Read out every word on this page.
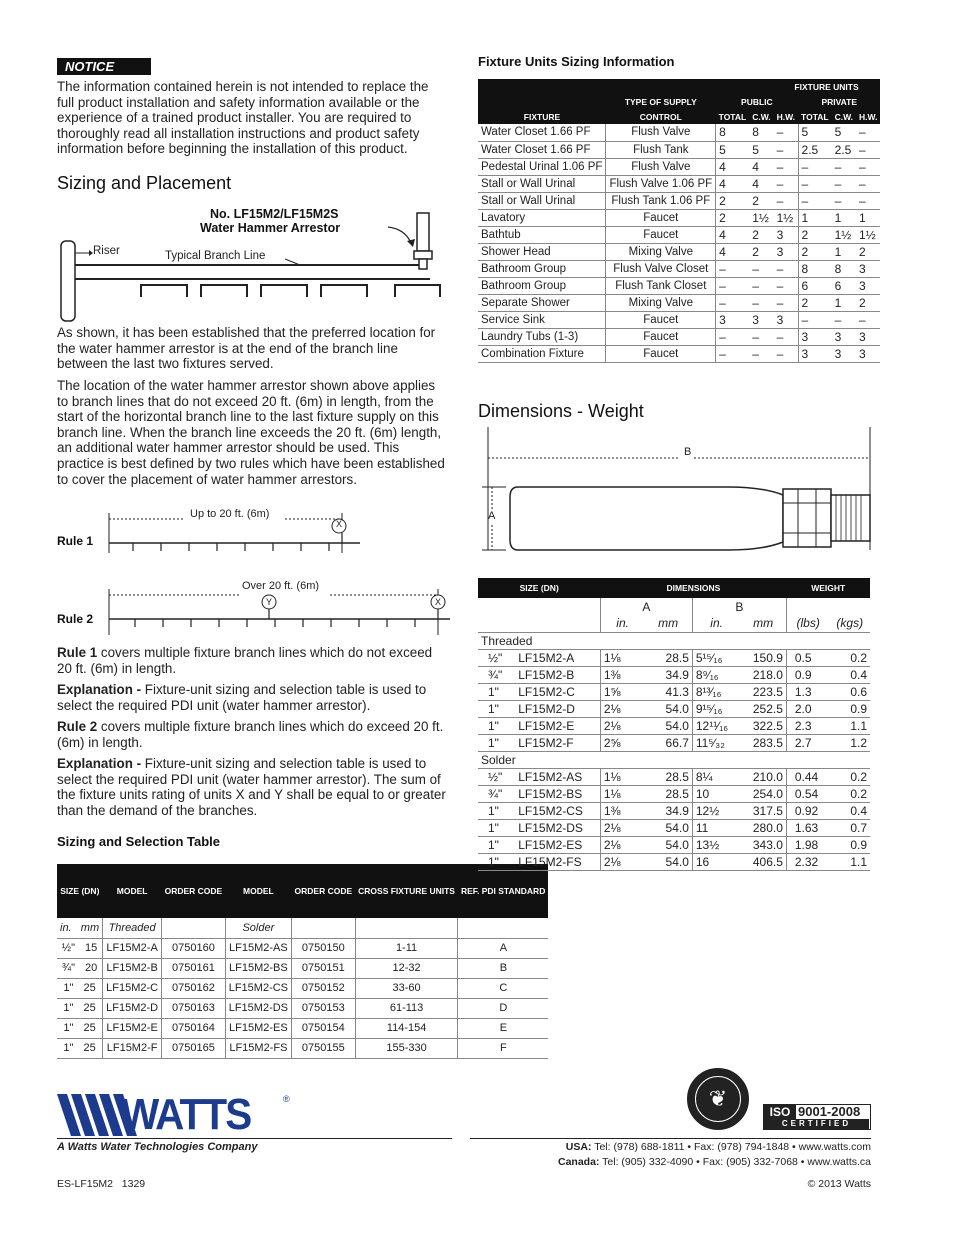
NOTICE
The information contained herein is not intended to replace the full product installation and safety information available or the experience of a trained product installer. You are required to thoroughly read all installation instructions and product safety information before beginning the installation of this product.
Sizing and Placement
No. LF15M2/LF15M2S
Water Hammer Arrestor
Riser	Typical Branch Line
As shown, it has been established that the preferred location for the water hammer arrestor is at the end of the branch line between the last two fixtures served.
The location of the water hammer arrestor shown above applies to branch lines that do not exceed 20 ft. (6m) in length, from the start of the horizontal branch line to the last fixture supply on this branch line. When the branch line exceeds the 20 ft. (6m) length, an additional water hammer arrestor should be used. This practice is best defined by two rules which have been established to cover the placement of water hammer arrestors.
Rule 1
Up to 20 ft. (6m)
X
Rule 2
Over 20 ft. (6m)
Y	X
Rule 1 covers multiple fixture branch lines which do not exceed 20 ft. (6m) in length.
Explanation - Fixture-unit sizing and selection table is used to select the required PDI unit (water hammer arrestor).
Rule 2 covers multiple fixture branch lines which do exceed 20 ft. (6m) in length.
Explanation - Fixture-unit sizing and selection table is used to select the required PDI unit (water hammer arrestor). The sum of the fixture units rating of units X and Y shall be equal to or greater than the demand of the branches.
Sizing and Selection Table
SIZE (DN)	MODEL	ORDER CODE	MODEL	ORDER CODE	CROSS FIXTURE UNITS	REF. PDI STANDARD
in. mm	Threaded		Solder			
½" 15	LF15M2-A	0750160	LF15M2-AS	0750150	1-11	A
¾" 20	LF15M2-B	0750161	LF15M2-BS	0750151	12-32	B
1" 25	LF15M2-C	0750162	LF15M2-CS	0750152	33-60	C
1" 25	LF15M2-D	0750163	LF15M2-DS	0750153	61-113	D
1" 25	LF15M2-E	0750164	LF15M2-ES	0750154	114-154	E
1" 25	LF15M2-F	0750165	LF15M2-FS	0750155	155-330	F
Fixture Units Sizing Information
		FIXTURE UNITS					
	TYPE OF SUPPLY	PUBLIC			PRIVATE		
FIXTURE	CONTROL	TOTAL	C.W.	H.W.	TOTAL	C.W.	H.W.
Water Closet 1.66 PF	Flush Valve	8	8	–	5	5	–
Water Closet 1.66 PF	Flush Tank	5	5	–	2.5	2.5	–
Pedestal Urinal 1.06 PF	Flush Valve	4	4	–	–	–	–
Stall or Wall Urinal	Flush Valve 1.06 PF	4	4	–	–	–	–
Stall or Wall Urinal	Flush Tank 1.06 PF	2	2	–	–	–	–
Lavatory	Faucet	2	1½	1½	1	1	1
Bathtub	Faucet	4	2	3	2	1½	1½
Shower Head	Mixing Valve	4	2	3	2	1	2
Bathroom Group	Flush Valve Closet	–	–	–	8	8	3
Bathroom Group	Flush Tank Closet	–	–	–	6	6	3
Separate Shower	Mixing Valve	–	–	–	2	1	2
Service Sink	Faucet	3	3	3	–	–	–
Laundry Tubs (1-3)	Faucet	–	–	–	3	3	3
Combination Fixture	Faucet	–	–	–	3	3	3
Dimensions - Weight
B
A
SIZE (DN)		DIMENSIONS				WEIGHT	
		A		B			
		in.	mm	in.	mm	(lbs)	(kgs)
Threaded							
½"	LF15M2-A	1⅛	28.5	5¹⁵⁄₁₆	150.9	0.5	0.2
¾"	LF15M2-B	1⅜	34.9	8⁹⁄₁₆	218.0	0.9	0.4
1"	LF15M2-C	1⅝	41.3	8¹³⁄₁₆	223.5	1.3	0.6
1"	LF15M2-D	2⅛	54.0	9¹⁵⁄₁₆	252.5	2.0	0.9
1"	LF15M2-E	2⅛	54.0	12¹¹⁄₁₆	322.5	2.3	1.1
1"	LF15M2-F	2⅝	66.7	11⁵⁄₃₂	283.5	2.7	1.2
Solder							
½"	LF15M2-AS	1⅛	28.5	8¼	210.0	0.44	0.2
¾"	LF15M2-BS	1⅛	28.5	10	254.0	0.54	0.2
1"	LF15M2-CS	1⅜	34.9	12½	317.5	0.92	0.4
1"	LF15M2-DS	2⅛	54.0	11	280.0	1.63	0.7
1"	LF15M2-ES	2⅛	54.0	13½	343.0	1.98	0.9
1"	LF15M2-FS	2⅛	54.0	16	406.5	2.32	1.1
WATTS	®
A Watts Water Technologies Company
❦
ISO 9001-2008
CERTIFIED
USA: Tel: (978) 688-1811 • Fax: (978) 794-1848 • www.watts.com
Canada: Tel: (905) 332-4090 • Fax: (905) 332-7068 • www.watts.ca
ES-LF15M2   1329	© 2013 Watts
